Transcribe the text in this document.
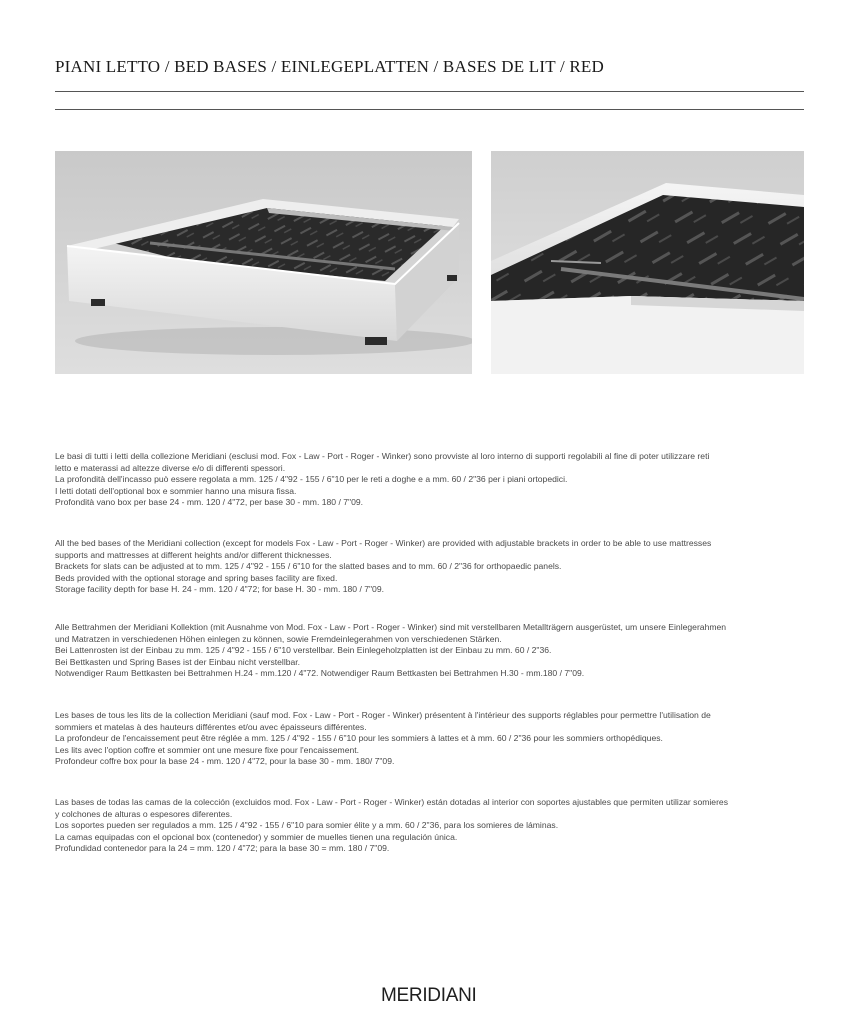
PIANI LETTO / BED BASES / EINLEGEPLATTEN / BASES DE LIT / RED
Le basi di tutti i letti della collezione Meridiani (esclusi mod. Fox - Law - Port - Roger - Winker) sono provviste al loro interno di supporti regolabili al fine di poter utilizzare reti
letto e materassi ad altezze diverse e/o di differenti spessori.
La profondità dell'incasso può essere regolata a mm. 125 / 4"92 - 155 / 6"10 per le reti a doghe e a mm. 60 / 2"36 per i piani ortopedici.
I letti dotati dell'optional box e sommier hanno una misura fissa.
Profondità vano box per base 24 - mm. 120 / 4"72, per base 30 - mm. 180 / 7"09.
All the bed bases of the Meridiani collection (except for models Fox - Law - Port - Roger - Winker) are provided with adjustable brackets in order to be able to use mattresses
supports and mattresses at different heights and/or different thicknesses.
Brackets for slats can be adjusted at to mm. 125 / 4"92 - 155 / 6"10 for the slatted bases and to mm. 60 / 2"36 for orthopaedic panels.
Beds provided with the optional storage and spring bases facility are fixed.
Storage facility depth for base H. 24 - mm. 120 / 4"72; for base H. 30 - mm. 180 / 7"09.
Alle Bettrahmen der Meridiani Kollektion (mit Ausnahme von Mod. Fox - Law - Port - Roger - Winker) sind mit verstellbaren Metallträgern ausgerüstet, um unsere Einlegerahmen
und Matratzen in verschiedenen Höhen einlegen zu können, sowie Fremdeinlegerahmen von verschiedenen Stärken.
Bei Lattenrosten ist der Einbau zu mm. 125 / 4"92 - 155 / 6"10 verstellbar. Bein Einlegeholzplatten ist der Einbau zu mm. 60 / 2"36.
Bei Bettkasten und Spring Bases ist der Einbau nicht verstellbar.
Notwendiger Raum Bettkasten bei Bettrahmen H.24 - mm.120 / 4"72. Notwendiger Raum Bettkasten bei Bettrahmen H.30 - mm.180 / 7"09.
Les bases de tous les lits de la collection Meridiani (sauf mod. Fox - Law - Port - Roger - Winker) présentent à l'intérieur des supports réglables pour permettre l'utilisation de
sommiers et matelas à des hauteurs différentes et/ou avec épaisseurs différentes.
La profondeur de l'encaissement peut être réglée a mm. 125 / 4"92 - 155 / 6"10 pour les sommiers à lattes et à mm. 60 / 2"36 pour les sommiers orthopédiques.
Les lits avec l'option coffre et sommier ont une mesure fixe pour l'encaissement.
Profondeur coffre box pour la base 24 - mm. 120 / 4"72, pour la base 30 - mm. 180/ 7"09.
Las bases de todas las camas de la colección (excluidos mod. Fox - Law - Port - Roger - Winker) están dotadas al interior con soportes ajustables que permiten utilizar somieres
y colchones de alturas o espesores diferentes.
Los soportes pueden ser regulados a mm. 125 / 4"92 - 155 / 6"10 para somier élite y a mm. 60 / 2"36, para los somieres de láminas.
La camas equipadas con el opcional box (contenedor) y sommier de muelles tienen una regulación única.
Profundidad contenedor para la 24 = mm. 120 / 4"72; para la base 30 = mm. 180 / 7"09.
MERIDIANI
